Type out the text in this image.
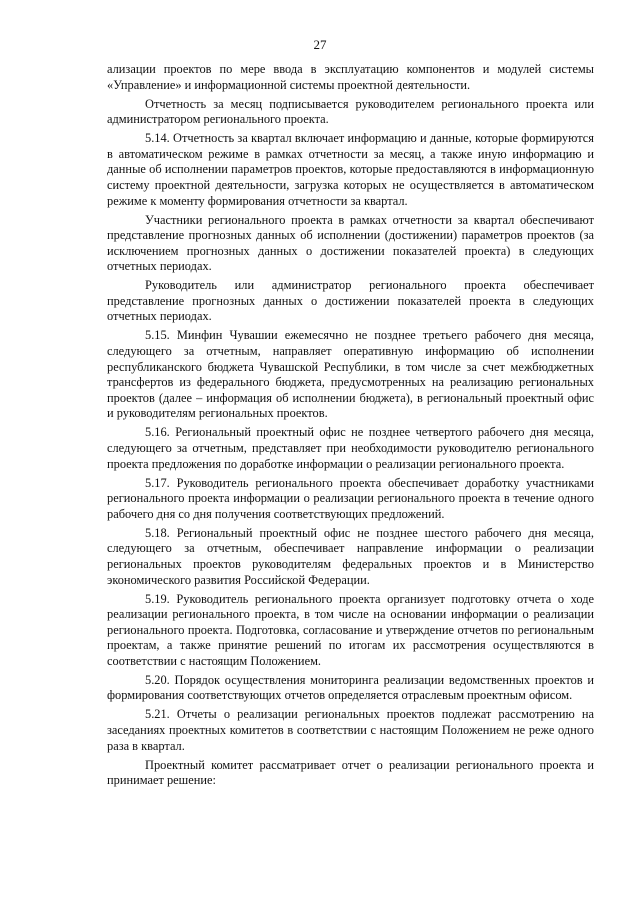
27

ализации проектов по мере ввода в эксплуатацию компонентов и модулей системы «Управление» и информационной системы проектной деятельности.

Отчетность за месяц подписывается руководителем регионального проекта или администратором регионального проекта.

5.14. Отчетность за квартал включает информацию и данные, которые формируются в автоматическом режиме в рамках отчетности за месяц, а также иную информацию и данные об исполнении параметров проектов, которые предоставляются в информационную систему проектной деятельности, загрузка которых не осуществляется в автоматическом режиме к моменту формирования отчетности за квартал.

Участники регионального проекта в рамках отчетности за квартал обеспечивают представление прогнозных данных об исполнении (достижении) параметров проектов (за исключением прогнозных данных о достижении показателей проекта) в следующих отчетных периодах.

Руководитель или администратор регионального проекта обеспечивает представление прогнозных данных о достижении показателей проекта в следующих отчетных периодах.

5.15. Минфин Чувашии ежемесячно не позднее третьего рабочего дня месяца, следующего за отчетным, направляет оперативную информацию об исполнении республиканского бюджета Чувашской Республики, в том числе за счет межбюджетных трансфертов из федерального бюджета, предусмотренных на реализацию региональных проектов (далее – информация об исполнении бюджета), в региональный проектный офис и руководителям региональных проектов.

5.16. Региональный проектный офис не позднее четвертого рабочего дня месяца, следующего за отчетным, представляет при необходимости руководителю регионального проекта предложения по доработке информации о реализации регионального проекта.

5.17. Руководитель регионального проекта обеспечивает доработку участниками регионального проекта информации о реализации регионального проекта в течение одного рабочего дня со дня получения соответствующих предложений.

5.18. Региональный проектный офис не позднее шестого рабочего дня месяца, следующего за отчетным, обеспечивает направление информации о реализации региональных проектов руководителям федеральных проектов и в Министерство экономического развития Российской Федерации.

5.19. Руководитель регионального проекта организует подготовку отчета о ходе реализации регионального проекта, в том числе на основании информации о реализации регионального проекта. Подготовка, согласование и утверждение отчетов по региональным проектам, а также принятие решений по итогам их рассмотрения осуществляются в соответствии с настоящим Положением.

5.20. Порядок осуществления мониторинга реализации ведомственных проектов и формирования соответствующих отчетов определяется отраслевым проектным офисом.

5.21. Отчеты о реализации региональных проектов подлежат рассмотрению на заседаниях проектных комитетов в соответствии с настоящим Положением не реже одного раза в квартал.

Проектный комитет рассматривает отчет о реализации регионального проекта и принимает решение:
